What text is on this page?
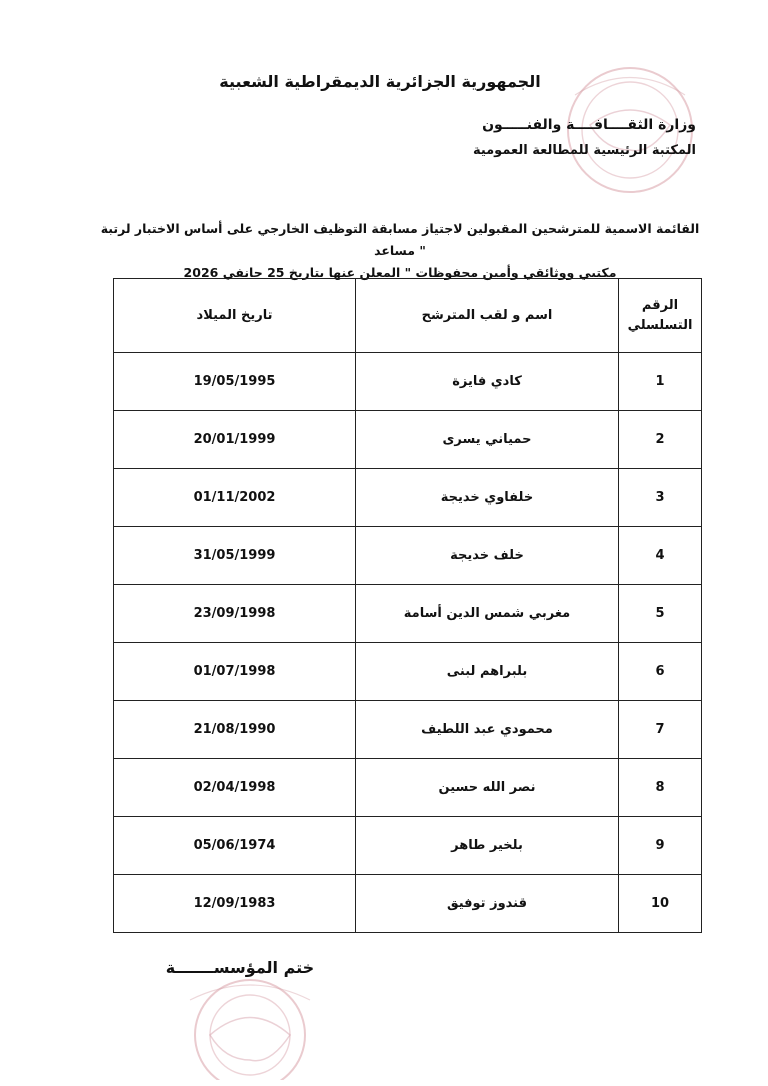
الجمهورية الجزائرية الديمقراطية الشعبية
وزارة الثقــــافــــة والفنـــــون
المكتبة الرئيسية للمطالعة العمومية
القائمة الاسمية للمترشحين المقبولين لاجتياز مسابقة التوظيف الخارجي على أساس الاختبار لرتبة " مساعد
مكتبي ووثائقي وأمين محفوظات " المعلن عنها بتاريخ 25 جانفي 2026
الرقم
التسلسلي	اسم و لقب المترشح	تاريخ الميلاد
1	كادي فايزة	19/05/1995
2	حمياني يسرى	20/01/1999
3	خلفاوي خديجة	01/11/2002
4	خلف خديجة	31/05/1999
5	مغربي شمس الدين أسامة	23/09/1998
6	بلبراهم لبنى	01/07/1998
7	محمودي عبد اللطيف	21/08/1990
8	نصر الله حسين	02/04/1998
9	بلخير طاهر	05/06/1974
10	قندوز توفيق	12/09/1983
ختم المؤسســـــــة
